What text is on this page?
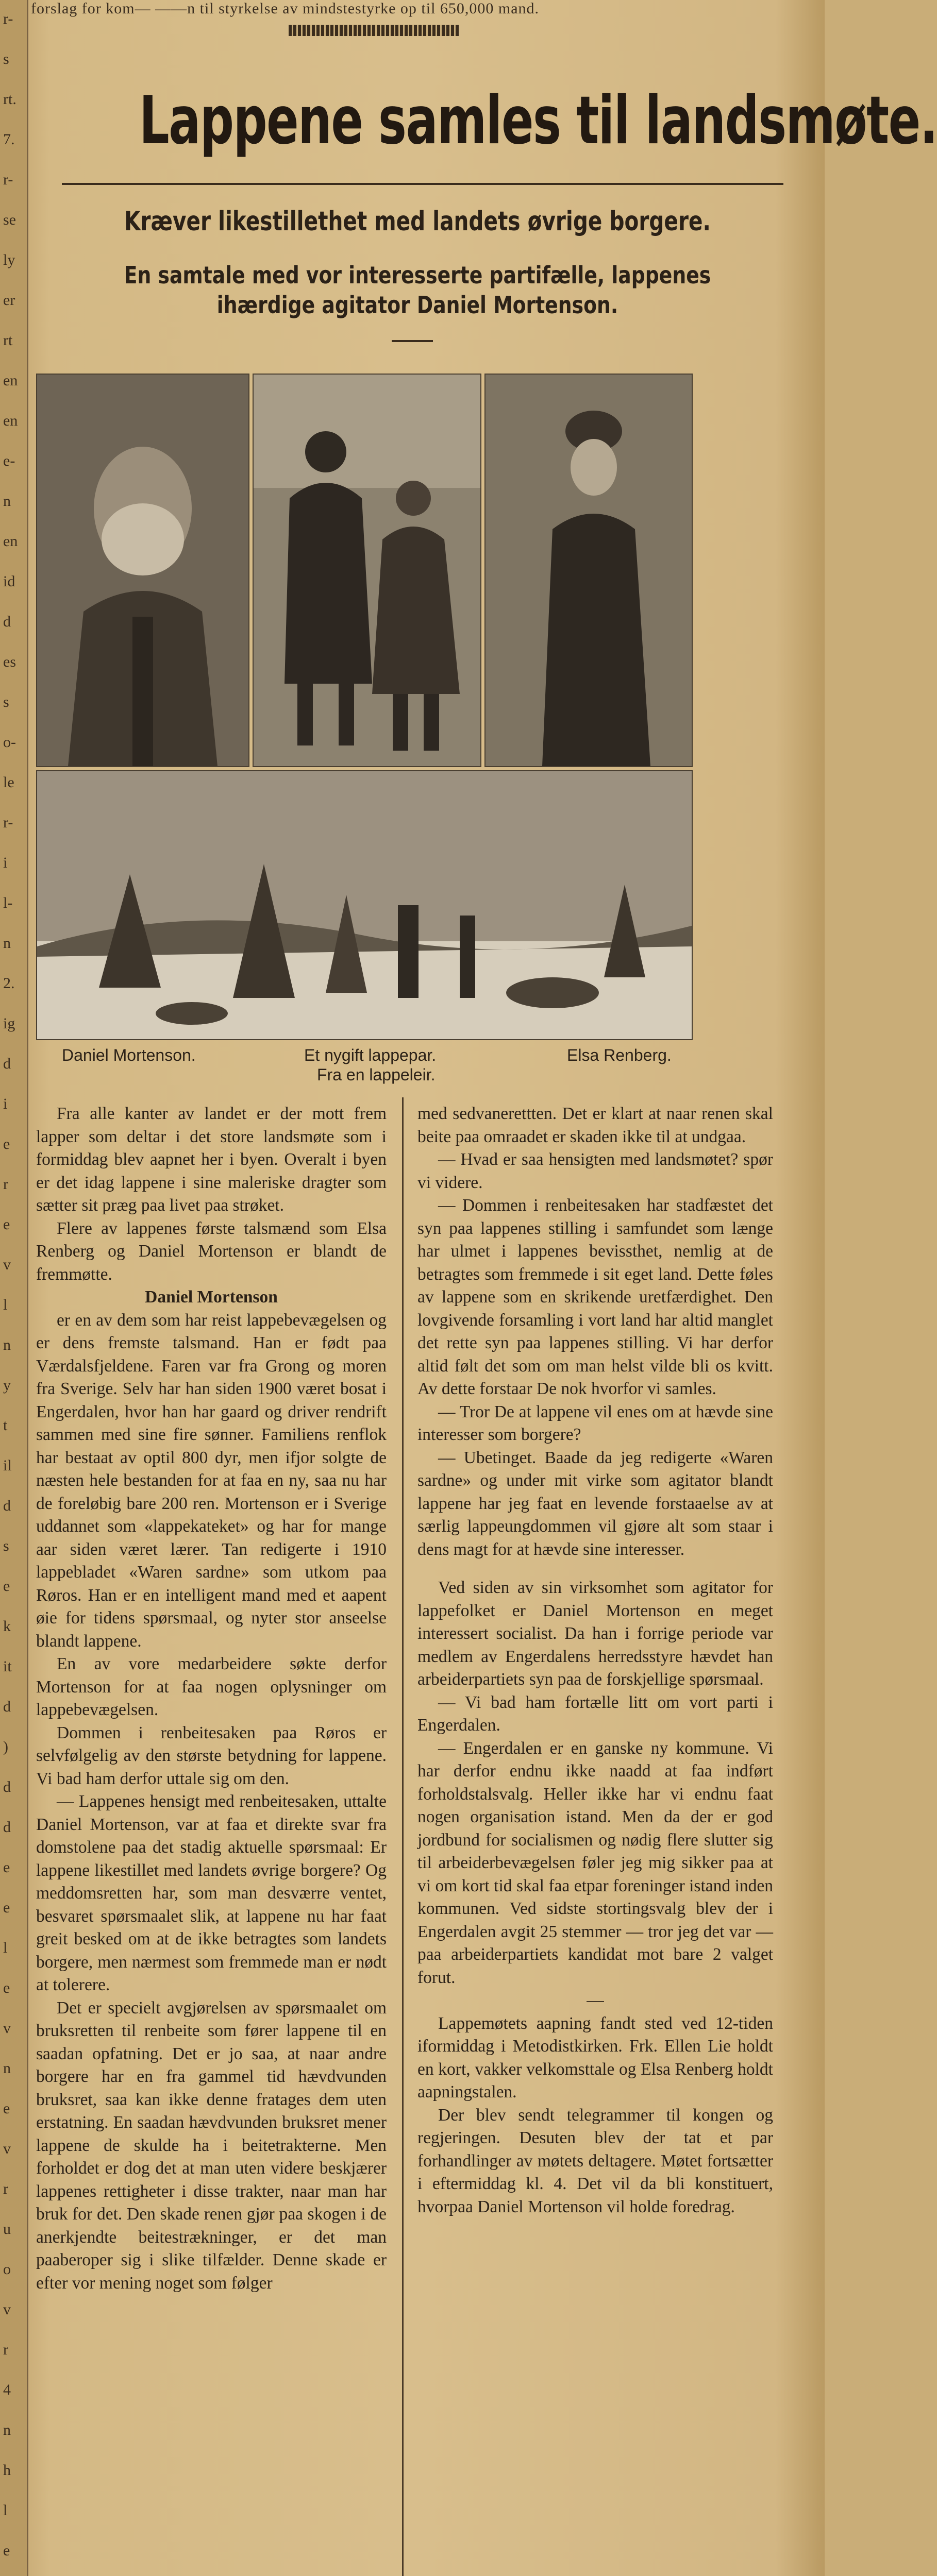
r-
s
rt.
7.
r-
se
ly
er
rt
en
en
e-
n
en
id
d
es
s
o-
le
r-
i
l-
n
2.
ig
d
i
e
r
e
v
l
n
y
t
il
d
s
e
k
it
d
)
d
d
e
e
l
e
v
n
e
v
r
u
o
v
r
4
n
h
l
e
forslag for kom— ——n til styrkelse av mindstestyrke op til 650,000 mand.
Lappene samles til landsmøte.
Kræver likestillethet med landets øvrige borgere.
En samtale med vor interesserte partifælle, lappenes
ihærdige agitator Daniel Mortenson.
Daniel Mortenson.	Et nygift lappepar.
Fra en lappeleir.
Elsa Renberg.

Fra alle kanter av landet er der mott frem lapper som deltar i det store landsmøte som i formiddag blev aapnet her i byen. Overalt i byen er det idag lappene i sine maleriske dragter som sætter sit præg paa livet paa strøket.

Flere av lappenes første talsmænd som Elsa Renberg og Daniel Mortenson er blandt de fremmøtte.

Daniel Mortenson

er en av dem som har reist lappebevægelsen og er dens fremste talsmand. Han er født paa Værdalsfjeldene. Faren var fra Grong og moren fra Sverige. Selv har han siden 1900 været bosat i Engerdalen, hvor han har gaard og driver rendrift sammen med sine fire sønner. Familiens renflok har bestaat av optil 800 dyr, men ifjor solgte de næsten hele bestanden for at faa en ny, saa nu har de foreløbig bare 200 ren. Mortenson er i Sverige uddannet som «lappekateket» og har for mange aar siden været lærer. Tan redigerte i 1910 lappebladet «Waren sardne» som utkom paa Røros. Han er en intelligent mand med et aapent øie for tidens spørsmaal, og nyter stor anseelse blandt lappene.

En av vore medarbeidere søkte derfor Mortenson for at faa nogen oplysninger om lappebevægelsen.

Dommen i renbeitesaken paa Røros er selvfølgelig av den største betydning for lappene. Vi bad ham derfor uttale sig om den.

— Lappenes hensigt med renbeitesaken, uttalte Daniel Mortenson, var at faa et direkte svar fra domstolene paa det stadig aktuelle spørsmaal: Er lappene likestillet med landets øvrige borgere? Og meddomsretten har, som man desværre ventet, besvaret spørsmaalet slik, at lappene nu har faat greit besked om at de ikke betragtes som landets borgere, men nærmest som fremmede man er nødt at tolerere.

Det er specielt avgjørelsen av spørsmaalet om bruksretten til renbeite som fører lappene til en saadan opfatning. Det er jo saa, at naar andre borgere har en fra gammel tid hævdvunden bruksret, saa kan ikke denne fratages dem uten erstatning. En saadan hævdvunden bruksret mener lappene de skulde ha i beitetrakterne. Men forholdet er dog det at man uten videre beskjærer lappenes rettigheter i disse trakter, naar man har bruk for det. Den skade renen gjør paa skogen i de anerkjendte beitestrækninger, er det man paaberoper sig i slike tilfælder. Denne skade er efter vor mening noget som følger

med sedvanerettten. Det er klart at naar renen skal beite paa omraadet er skaden ikke til at undgaa.

— Hvad er saa hensigten med landsmøtet? spør vi videre.

— Dommen i renbeitesaken har stadfæstet det syn paa lappenes stilling i samfundet som længe har ulmet i lappenes bevissthet, nemlig at de betragtes som fremmede i sit eget land. Dette føles av lappene som en skrikende uretfærdighet. Den lovgivende forsamling i vort land har altid manglet det rette syn paa lappenes stilling. Vi har derfor altid følt det som om man helst vilde bli os kvitt. Av dette forstaar De nok hvorfor vi samles.

— Tror De at lappene vil enes om at hævde sine interesser som borgere?

— Ubetinget. Baade da jeg redigerte «Waren sardne» og under mit virke som agitator blandt lappene har jeg faat en levende forstaaelse av at særlig lappeungdommen vil gjøre alt som staar i dens magt for at hævde sine interesser.

Ved siden av sin virksomhet som agitator for lappefolket er Daniel Mortenson en meget interessert socialist. Da han i forrige periode var medlem av Engerdalens herredsstyre hævdet han arbeiderpartiets syn paa de forskjellige spørsmaal.

— Vi bad ham fortælle litt om vort parti i Engerdalen.

— Engerdalen er en ganske ny kommune. Vi har derfor endnu ikke naadd at faa indført forholdstalsvalg. Heller ikke har vi endnu faat nogen organisation istand. Men da der er god jordbund for socialismen og nødig flere slutter sig til arbeiderbevægelsen føler jeg mig sikker paa at vi om kort tid skal faa etpar foreninger istand inden kommunen. Ved sidste stortingsvalg blev der i Engerdalen avgit 25 stemmer — tror jeg det var — paa arbeiderpartiets kandidat mot bare 2 valget forut.

—

Lappemøtets aapning fandt sted ved 12-tiden iformiddag i Metodistkirken. Frk. Ellen Lie holdt en kort, vakker velkomsttale og Elsa Renberg holdt aapningstalen.

Der blev sendt telegrammer til kongen og regjeringen. Desuten blev der tat et par forhandlinger av møtets deltagere. Møtet fortsætter i eftermiddag kl. 4. Det vil da bli konstituert, hvorpaa Daniel Mortenson vil holde foredrag.
